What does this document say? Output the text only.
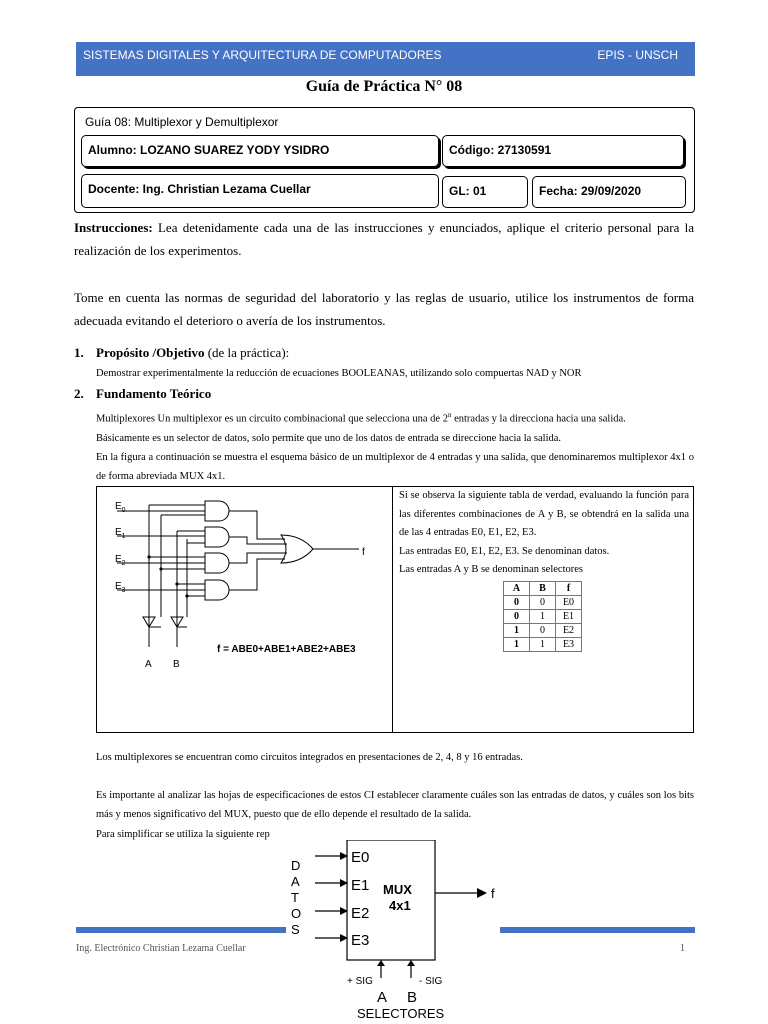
SISTEMAS DIGITALES Y ARQUITECTURA DE COMPUTADORES	EPIS - UNSCH
Guía de Práctica N° 08
Guía 08: Multiplexor y Demultiplexor
Alumno: LOZANO SUAREZ YODY YSIDRO	Código: 27130591
Docente: Ing. Christian Lezama Cuellar	GL: 01	Fecha: 29/09/2020
Instrucciones: Lea detenidamente cada una de las instrucciones y enunciados, aplique el criterio personal para la realización de los experimentos.
Tome en cuenta las normas de seguridad del laboratorio y las reglas de usuario, utilice los instrumentos de forma adecuada evitando el deterioro o avería de los instrumentos.
1. Propósito /Objetivo (de la práctica):
Demostrar experimentalmente la reducción de ecuaciones BOOLEANAS, utilizando solo compuertas NAD y NOR
2. Fundamento Teórico
Multiplexores Un multiplexor es un circuito combinacional que selecciona una de 2$^n$ entradas y la direcciona hacia una salida.
Básicamente es un selector de datos, solo permite que uno de los datos de entrada se direccione hacia la salida.
En la figura a continuación se muestra el esquema básico de un multiplexor de 4 entradas y una salida, que denominaremos multiplexor 4x1 o de forma abreviada MUX 4x1.
$E_0$
$E_1$
$E_2$
$E_3$
f
A B
f = ABE0+ABE1+ABE2+ABE3
Si se observa la siguiente tabla de verdad, evaluando la función para las diferentes combinaciones de A y B, se obtendrá en la salida una de las 4 entradas E0, E1, E2, E3.
Las entradas E0, E1, E2, E3. Se denominan datos.
Las entradas A y B se denominan selectores
A	B	f
0	0	E0
0	1	E1
1	0	E2
1	1	E3
Los multiplexores se encuentran como circuitos integrados en presentaciones de 2, 4, 8 y 16 entradas.
Es importante al analizar las hojas de especificaciones de estos CI establecer claramente cuáles son las entradas de datos, y cuáles son los bits más y menos significativo del MUX, puesto que de ello depende el resultado de la salida.
Para simplificar se utiliza la siguiente rep
D
A
T
O
S
E0
E1
E2
E3
MUX
4x1
f
+ SIG	- SIG
A B
SELECTORES
Ing. Electrónico Christian Lezama Cuellar	1
